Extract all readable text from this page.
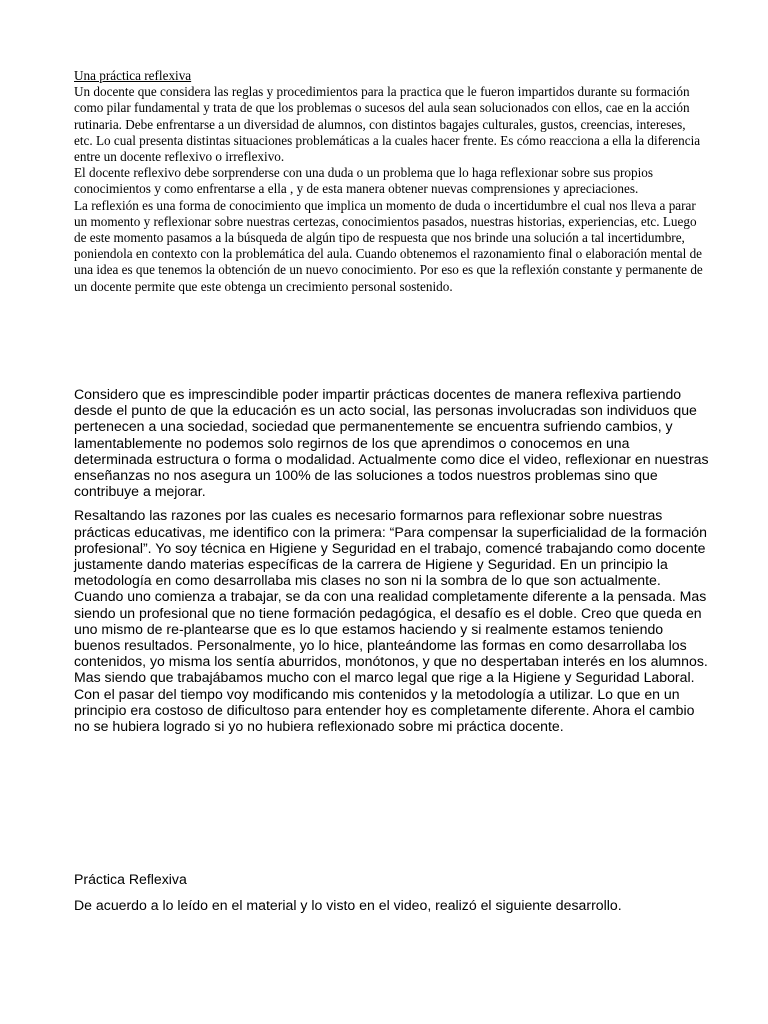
Una práctica reflexiva

Un docente que considera las reglas y procedimientos para la practica que le fueron impartidos durante su formación como pilar fundamental y trata de que los problemas o sucesos del aula sean solucionados con ellos, cae en la acción rutinaria. Debe enfrentarse a un diversidad de alumnos, con distintos bagajes culturales, gustos, creencias, intereses, etc. Lo cual presenta distintas situaciones problemáticas a la cuales hacer frente. Es cómo reacciona a ella la diferencia entre un docente reflexivo o irreflexivo.

El docente reflexivo debe sorprenderse con una duda o un problema que lo haga reflexionar sobre sus propios conocimientos y como enfrentarse a ella , y de esta manera obtener nuevas comprensiones y apreciaciones.

La reflexión es una forma de conocimiento que implica un momento de duda o incertidumbre el cual nos lleva a parar un momento y reflexionar sobre nuestras certezas, conocimientos pasados, nuestras historias, experiencias, etc. Luego de este momento pasamos a la búsqueda de algún tipo de respuesta que nos brinde una solución a tal incertidumbre, poniendola en contexto con la problemática del aula. Cuando obtenemos el razonamiento final o elaboración mental de una idea es que tenemos la obtención de un nuevo conocimiento. Por eso es que la reflexión constante y permanente de un docente permite que este obtenga un crecimiento personal sostenido.

Considero que es imprescindible poder impartir prácticas docentes de manera reflexiva partiendo desde el punto de que la educación es un acto social, las personas involucradas son individuos que pertenecen a una sociedad, sociedad que permanentemente se encuentra sufriendo cambios, y lamentablemente no podemos solo regirnos de los que aprendimos o conocemos en una determinada estructura o forma o modalidad. Actualmente como dice el video, reflexionar en nuestras enseñanzas no nos asegura un 100% de las soluciones a todos nuestros problemas sino que contribuye a mejorar.

Resaltando las razones por las cuales es necesario formarnos para reflexionar sobre nuestras prácticas educativas, me identifico con la primera: “Para compensar la superficialidad de la formación profesional”. Yo soy técnica en Higiene y Seguridad en el trabajo, comencé trabajando como docente justamente dando materias específicas de la carrera de Higiene y Seguridad. En un principio la metodología en como desarrollaba mis clases no son ni la sombra de lo que son actualmente. Cuando uno comienza a trabajar, se da con una realidad completamente diferente a la pensada. Mas siendo un profesional que no tiene formación pedagógica, el desafío es el doble. Creo que queda en uno mismo de re-plantearse que es lo que estamos haciendo y si realmente estamos teniendo buenos resultados. Personalmente, yo lo hice, planteándome las formas en como desarrollaba los contenidos, yo misma los sentía aburridos, monótonos, y que no despertaban interés en los alumnos. Mas siendo que trabajábamos mucho con el marco legal que rige a la Higiene y Seguridad Laboral. Con el pasar del tiempo voy modificando mis contenidos y la metodología a utilizar. Lo que en un principio era costoso de dificultoso para entender hoy es completamente diferente. Ahora el cambio no se hubiera logrado si yo no hubiera reflexionado sobre mi práctica docente.

Práctica Reflexiva

De acuerdo a lo leído en el material y lo visto en el video, realizó el siguiente desarrollo.
